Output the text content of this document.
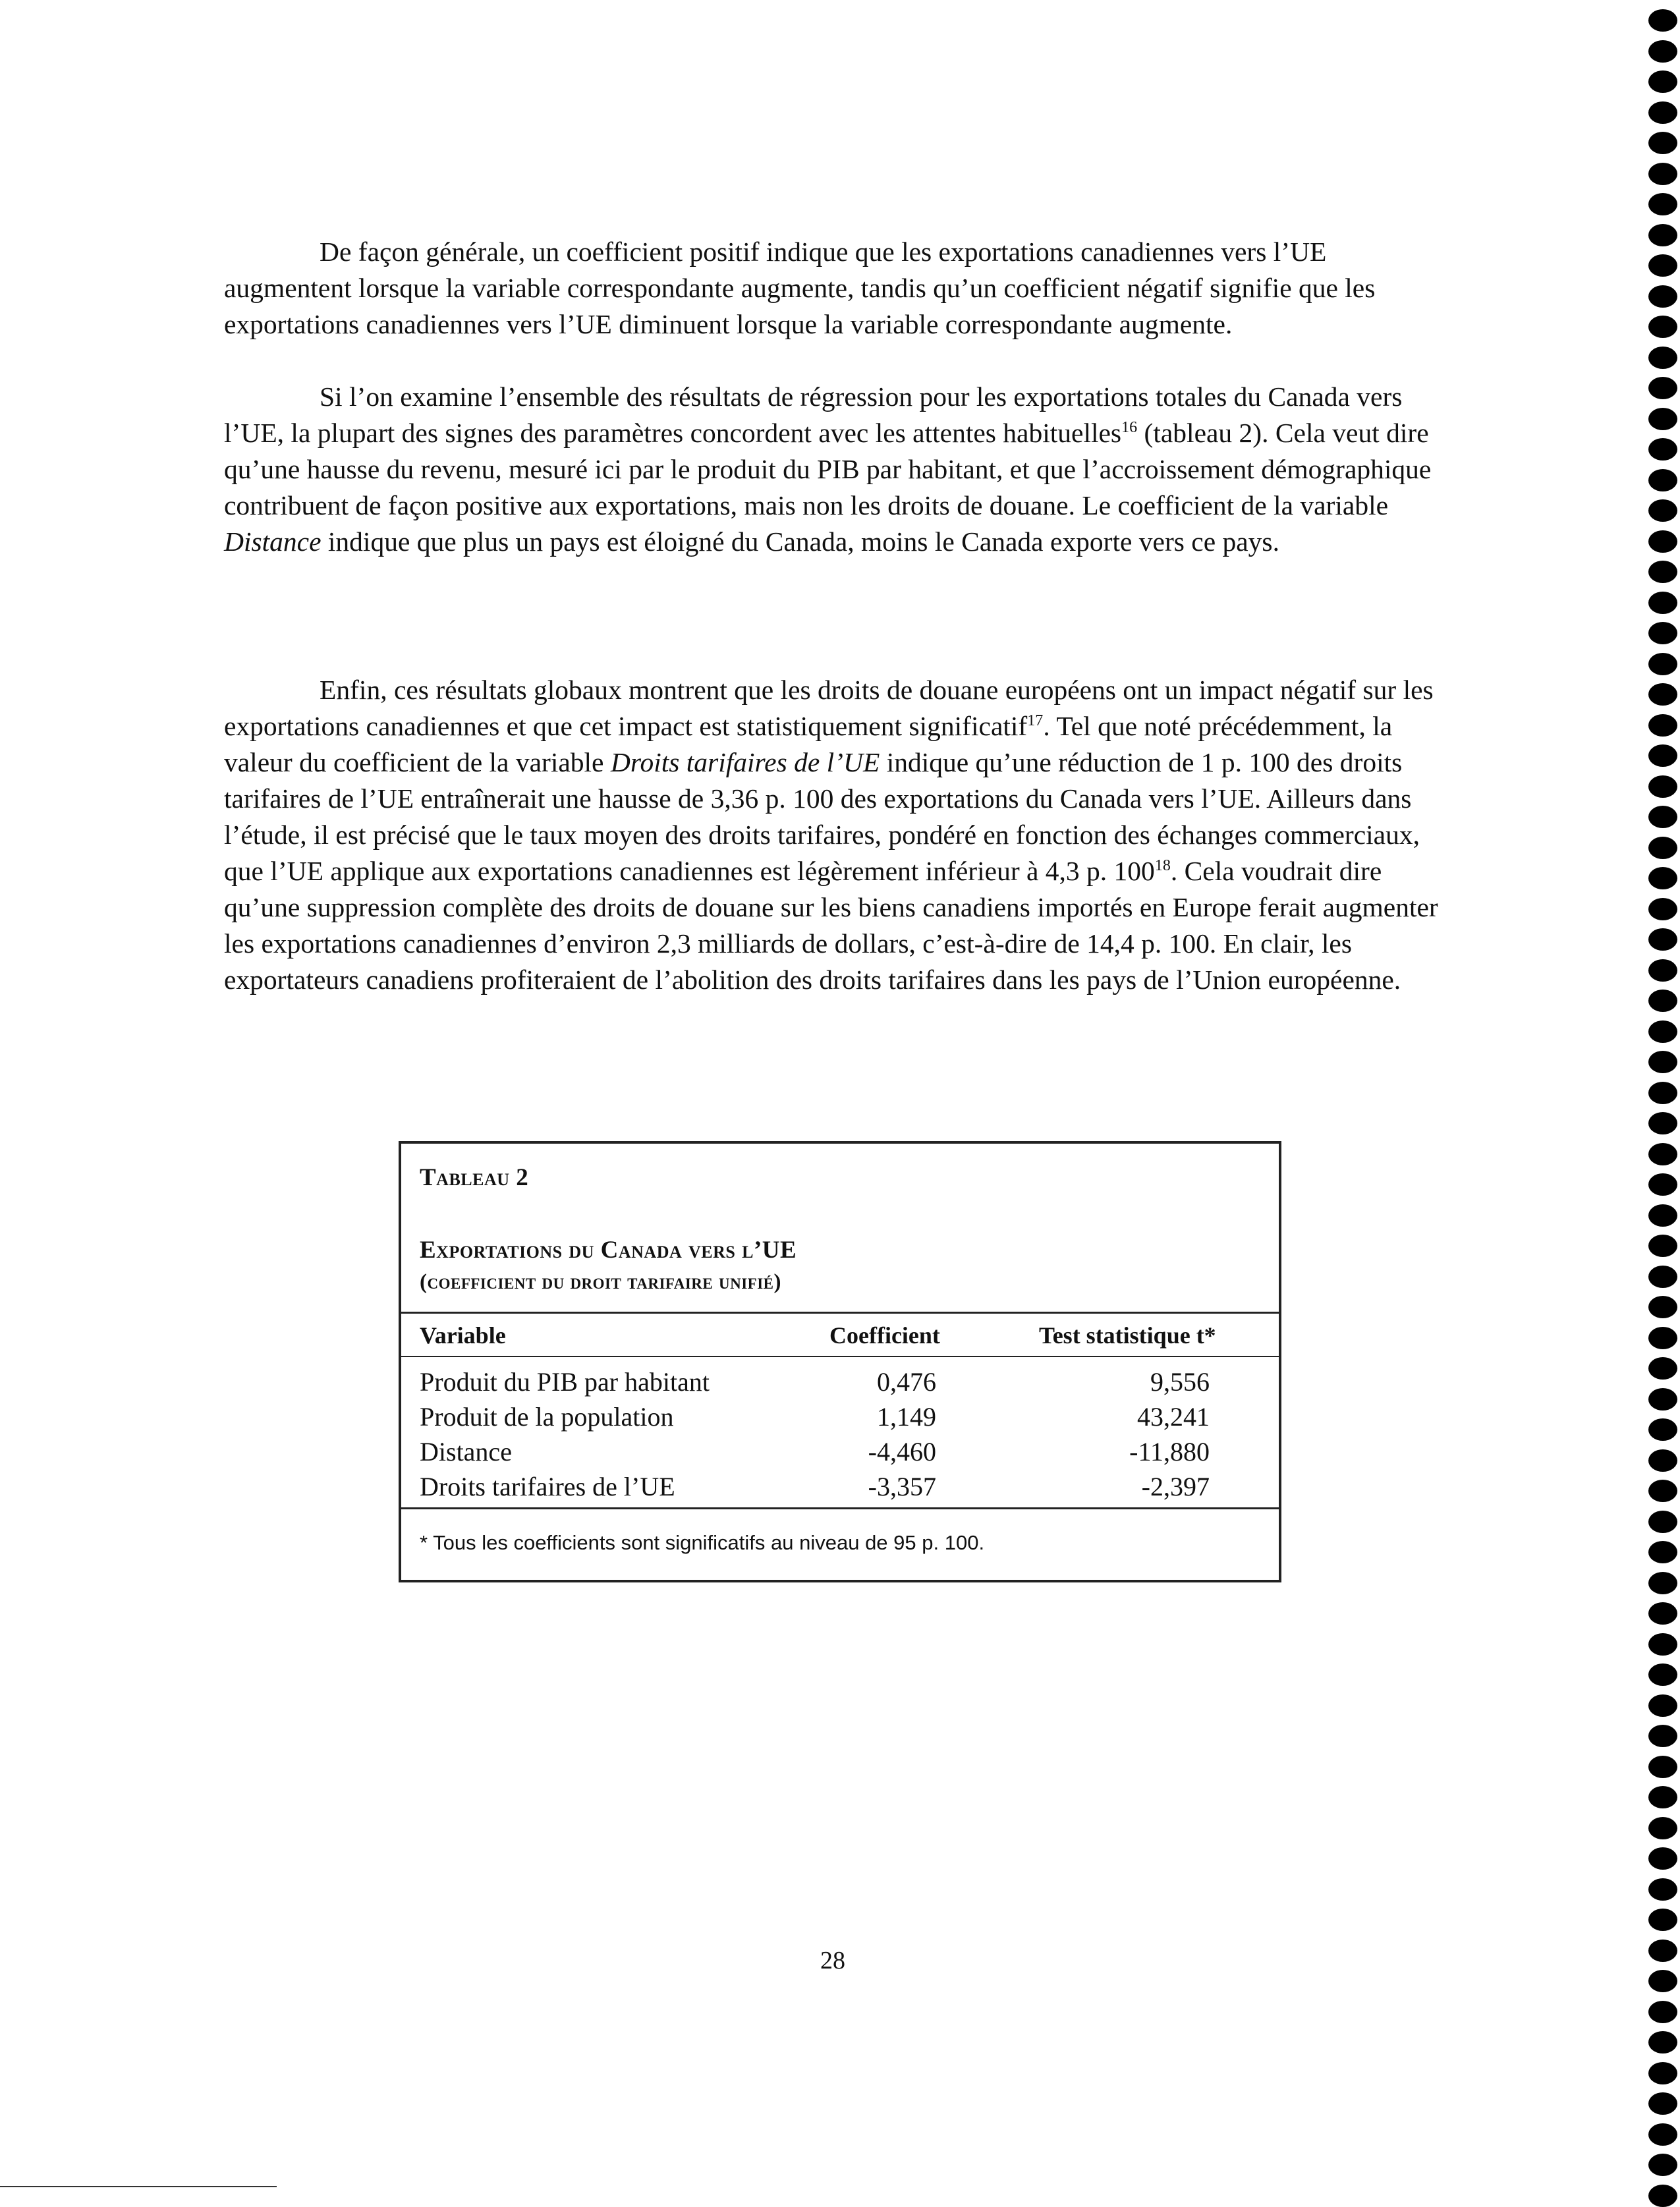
De façon générale, un coefficient positif indique que les exportations canadiennes vers l’UE augmentent lorsque la variable correspondante augmente, tandis qu’un coefficient négatif signifie que les exportations canadiennes vers l’UE diminuent lorsque la variable correspondante augmente.

Si l’on examine l’ensemble des résultats de régression pour les exportations totales du Canada vers l’UE, la plupart des signes des paramètres concordent avec les attentes habituelles$^{16}$ (tableau 2). Cela veut dire qu’une hausse du revenu, mesuré ici par le produit du PIB par habitant, et que l’accroissement démographique contribuent de façon positive aux exportations, mais non les droits de douane. Le coefficient de la variable Distance indique que plus un pays est éloigné du Canada, moins le Canada exporte vers ce pays.

Enfin, ces résultats globaux montrent que les droits de douane européens ont un impact négatif sur les exportations canadiennes et que cet impact est statistiquement significatif$^{17}$. Tel que noté précédemment, la valeur du coefficient de la variable Droits tarifaires de l’UE indique qu’une réduction de 1 p. 100 des droits tarifaires de l’UE entraînerait une hausse de 3,36 p. 100 des exportations du Canada vers l’UE. Ailleurs dans l’étude, il est précisé que le taux moyen des droits tarifaires, pondéré en fonction des échanges commerciaux, que l’UE applique aux exportations canadiennes est légèrement inférieur à 4,3 p. $100^{18}$. Cela voudrait dire qu’une suppression complète des droits de douane sur les biens canadiens importés en Europe ferait augmenter les exportations canadiennes d’environ 2,3 milliards de dollars, c’est-à-dire de 14,4 p. 100. En clair, les exportateurs canadiens profiteraient de l’abolition des droits tarifaires dans les pays de l’Union européenne.

Tableau 2
Exportations du Canada vers l’UE
(coefficient du droit tarifaire unifié)
Variable	Coefficient	Test statistique t*
Produit du PIB par habitant	0,476	9,556
Produit de la population	1,149	43,241
Distance	-4,460	-11,880
Droits tarifaires de l’UE	-3,357	-2,397
* Tous les coefficients sont significatifs au niveau de 95 p. 100.
28
